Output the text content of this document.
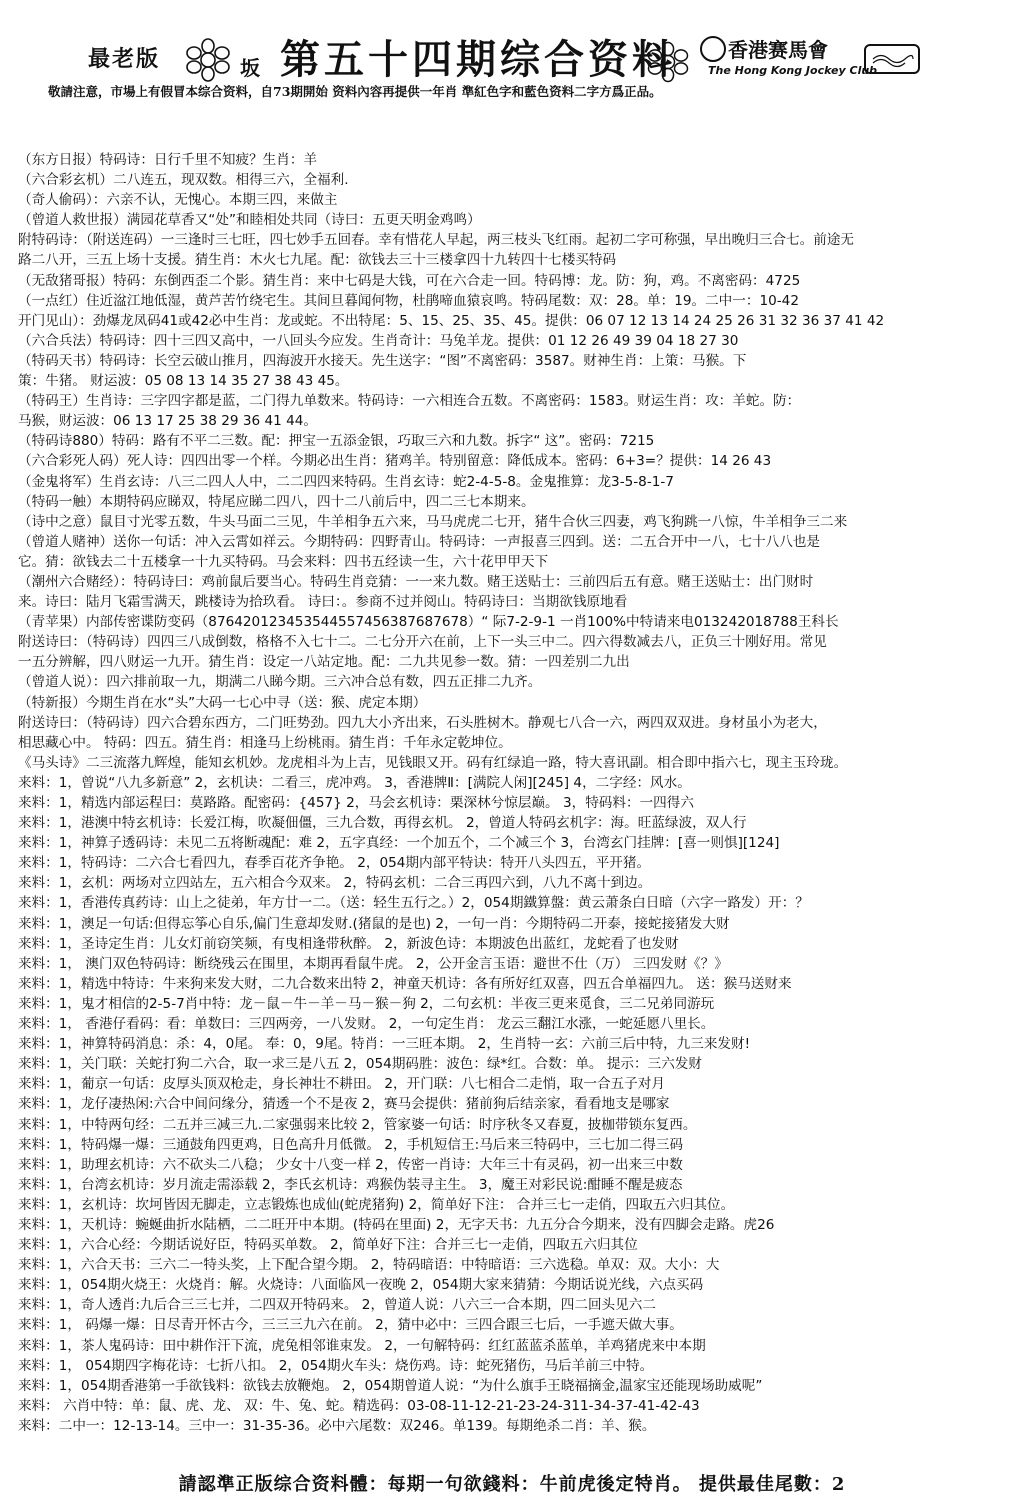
最老版	坂 第五十四期综合资料	香港赛馬會
The Hong Kong Jockey Club
敬請注意，市場上有假冒本综合资料，自73期開始 资料內容再提供一年肖 準紅色字和藍色资料二字方爲正品。
（东方日报）特码诗：日行千里不知疲？生肖：羊
（六合彩玄机）二八连五，现双数。相得三六，全福利.
（奇人偷码）：六亲不认，无愧心。本期三四，来做主
（曾道人救世报）满园花草香又“处”和睦相处共同（诗曰：五更天明金鸡鸣）
附特码诗：（附送连码）一三逢时三七旺，四七妙手五回春。幸有惜花人早起，两三枝头飞红雨。起初二字可称强，早出晚归三合七。前途无
路二八开，三五上场十支援。猜生肖：木火七九尾。配：欲钱去三十三楼拿四十九转四十七楼买特码
（无敌猪哥报）特码：东倒西歪二个影。猜生肖：来中七码是大钱，可在六合走一回。特码博：龙。防：狗，鸡。不离密码：4725
（一点红）住近湓江地低湿，黄芦苦竹绕宅生。其间旦暮闻何物，杜鹃啼血猿哀鸣。特码尾数：双：28。单：19。二中一：10-42
开门见山）：劲爆龙凤码41或42必中生肖：龙或蛇。不出特尾：5、15、25、35、45。提供：06 07 12 13 14 24 25 26 31 32 36 37 41 42
（六合兵法）特码诗：四十三四又高中，一八回头今应发。生肖奇计：马兔羊龙。提供：01 12 26 49 39 04 18 27 30
（特码天书）特码诗：长空云破山推月，四海波开水接天。先生送字：“图”不离密码：3587。财神生肖：上策：马猴。下
策：牛猪。 财运波：05 08 13 14 35 27 38 43 45。
（特码王）生肖诗：三字四字都是蓝，二门得九单数来。特码诗：一六相连合五数。不离密码：1583。财运生肖：攻：羊蛇。防：
马猴，财运波：06 13 17 25 38 29 36 41 44。
（特码诗880）特码：路有不平二三数。配：押宝一五添金银，巧取三六和九数。拆字“ 这”。密码：7215
（六合彩死人码）死人诗：四四出零一个样。今期必出生肖：猪鸡羊。特别留意：降低成本。密码：6+3=？提供：14 26 43
（金鬼将军）生肖玄诗：八三二四人人中，二二四四来特码。生肖玄诗：蛇2-4-5-8。金鬼推算：龙3-5-8-1-7
（特码一触）本期特码应睇双，特尾应睇二四八，四十二八前后中，四二三七本期来。
（诗中之意）鼠目寸光零五数，牛头马面二三见，牛羊相争五六来，马马虎虎二七开，猪牛合伙三四妻，鸡飞狗跳一八惊，牛羊相争三二来
（曾道人赌神）送你一句话：冲入云霄如祥云。今期特码：四野青山。特码诗：一声报喜三四到。送：二五合开中一八，七十八八也是
它。猜：欲钱去二十五楼拿一十九买特码。马会来料：四书五经读一生，六十花甲甲天下
（潮州六合赌经）：特码诗曰：鸡前鼠后要当心。特码生肖竞猜：一一来九数。赌王送贴士：三前四后五有意。赌王送贴士：出门财时
来。诗曰：陆月飞霜雪满天，跳楼诗为拾玖看。 诗曰：。参商不过并阅山。特码诗曰：当期欲钱原地看
（青苹果）内部传密谍防变码（876420123453544557456387687678）“ 际7-2-9-1 一肖100%中特请来电013242018788王科长
附送诗曰：（特码诗）四四三八成倒数，格格不入七十二。二七分开六在前，上下一头三中二。四六得数减去八，正负三十刚好用。常见
一五分辨解，四八财运一九开。猜生肖：设定一八站定地。配：二九共见参一数。猜：一四差别二九出
（曾道人说）：四六排前取一九，期满二八睇今期。三六冲合总有数，四五正排二九齐。
（特新报）今期生肖在水“头”大码一七心中寻（送：猴、虎定本期）
附送诗曰：（特码诗）四六合碧东西方，二门旺势劲。四九大小齐出来，石头胜树木。静观七八合一六，两四双双进。身材虽小为老大，
相思藏心中。 特码：四五。猜生肖：相逢马上纷桃雨。猜生肖：千年永定乾坤位。
《马头诗》二三流落九辉煌，能知玄机妙。龙虎相斗为上吉，见钱眼又开。码有红绿追一路，特大喜讯副。相合即中指六七，现主玉玲珑。
来料：1，曾说“八九多新意” 2，玄机诀：二看三，虎冲鸡。 3，香港牌Ⅱ：[满院人闲][245] 4，二字经：风水。
来料：1，精选内部运程曰：莫路路。配密码：{457} 2，马会玄机诗：栗深林兮惊层巅。 3，特码料：一四得六
来料：1，港澳中特玄机诗：长爱江梅，吹凝佃僵，三九合数，再得玄机。 2，曾道人特码玄机字：海。旺蓝绿波，双人行
来料：1，神算子透码诗：未见二五将断魂配：难 2，五字真经：一个加五个，二个减三个 3，台湾玄门挂牌：[喜一则惧][124]
来料：1，特码诗：二六合七看四九，春季百花齐争艳。 2，054期内部平特诀：特开八头四五，平开猪。
来料：1，玄机：两场对立四站左，五六相合今双来。 2，特码玄机：二合三再四六到，八九不离十到边。
来料：1，香港传真药诗：山上之徒弟，年方廿一二。（送：轻生五行之。）2，054期鐵算盤：黄云萧条白日暗（六字一路发）开：？
来料：1，澳足一句话:但得忘筝心自乐,偏门生意却发财.(猪鼠的是也) 2，一句一肖：今期特码二开泰，接蛇接猪发大财
来料：1，圣诗定生肖：儿女灯前窃笑频，有曳相逢带秋醉。 2，新波色诗：本期波色出蓝红，龙蛇看了也发财
来料：1， 澳门双色特码诗：断绕残云在围里，本期再看鼠牛虎。 2，公开金言玉语：避世不仕（万） 三四发财《？》
来料：1，精选中特诗：牛来狗来发大财，二九合数来出特 2，神童天机诗：各有所好红双喜，四五合单福四九。 送：猴马送财来
来料：1，鬼才相信的2-5-7肖中特：龙－鼠－牛－羊－马－猴－狗 2，二句玄机：半夜三更来觅食，三二兄弟同游玩
来料：1， 香港仔看码：看：单数曰：三四两旁，一八发财。 2，一句定生肖： 龙云三翻江水涨，一蛇延愿八里长。
来料：1，神算特码消息：杀：4，0尾。 奉：0，9尾。特肖：一三旺本期。 2，生肖特一玄：六前三后中特，九三来发财!
来料：1，关门联：关蛇打狗二六合，取一求三是八五 2，054期码胜：波色：绿*红。合数：单。 提示：三六发财
来料：1，葡京一句话：皮厚头顶双枪走，身长神壮不耕田。 2，开门联：八七相合二走悄，取一合五子对月
来料：1，龙仔凄热闲:六合中间问缘分，猜透一个不是夜 2，赛马会提供：猪前狗后结亲家，看看地支是哪家
来料：1，中特两句经：二五并三减三九.二家强弱来比较 2，管家婆一句话：时序秋冬又春夏，披枷带锁东复西。
来料：1，特码爆一爆：三通鼓角四更鸡，日色高升月低微。 2，手机短信王:马后来三特码中，三七加二得三码
来料：1，助理玄机诗：六不砍头二八稳； 少女十八变一样 2，传密一肖诗：大年三十有灵码，初一出来三中数
来料：1，台湾玄机诗：岁月流走需添载 2，李氏玄机诗：鸡猴伪装寻主生。 3，魔王对彩民说:酣睡不醒是疲态
来料：1，玄机诗：坎坷皆因无脚走，立志锻炼也成仙(蛇虎猪狗) 2，简单好下注： 合并三七一走俏，四取五六归其位。
来料：1，天机诗：蜿蜒曲折水陆栖，二二旺开中本期。(特码在里面) 2，无字天书：九五分合今期来，没有四脚会走路。虎26
来料：1，六合心经：今期话说好臣，特码买单数。 2，简单好下注：合并三七一走俏，四取五六归其位
来料：1，六合天书：三六二一特头奖，上下配合望今期。 2，特码暗语：中特暗语：三六选稳。单双：双。大小：大
来料：1，054期火烧王：火烧肖：解。火烧诗：八面临风一夜晚 2，054期大家来猜猜：今期话说光线，六点买码
来料：1，奇人透肖:九后合三三七并，二四双开特码来。 2，曾道人说：八六三一合本期，四二回头见六二
来料：1， 码爆一爆：日尽青开怀古今，三三三九六在前。 2，猜中必中：三四合跟三七后，一手遮天做大事。
来料：1，茶人鬼码诗：田中耕作汗下流，虎兔相邻谁束发。 2，一句解特码：红红蓝蓝杀蓝单，羊鸡猪虎来中本期
来料：1， 054期四字梅花诗：七折八扣。 2，054期火车头：烧伤鸡。诗：蛇死猪伤，马后羊前三中特。
来料：1，054期香港第一手欲钱料：欲钱去放鞭炮。 2，054期曾道人说：“为什么旗手王晓福摘金,温家宝还能现场助威呢”
来料： 六肖中特：单：鼠、虎、龙、 双：牛、兔、蛇。精选码：03-08-11-12-21-23-24-311-34-37-41-42-43
来料：二中一：12-13-14。三中一：31-35-36。必中六尾数：双246。单139。每期绝杀二肖：羊、猴。
請認準正版综合资料體：每期一句欲錢料：牛前虎後定特肖。 提供最佳尾數：2
